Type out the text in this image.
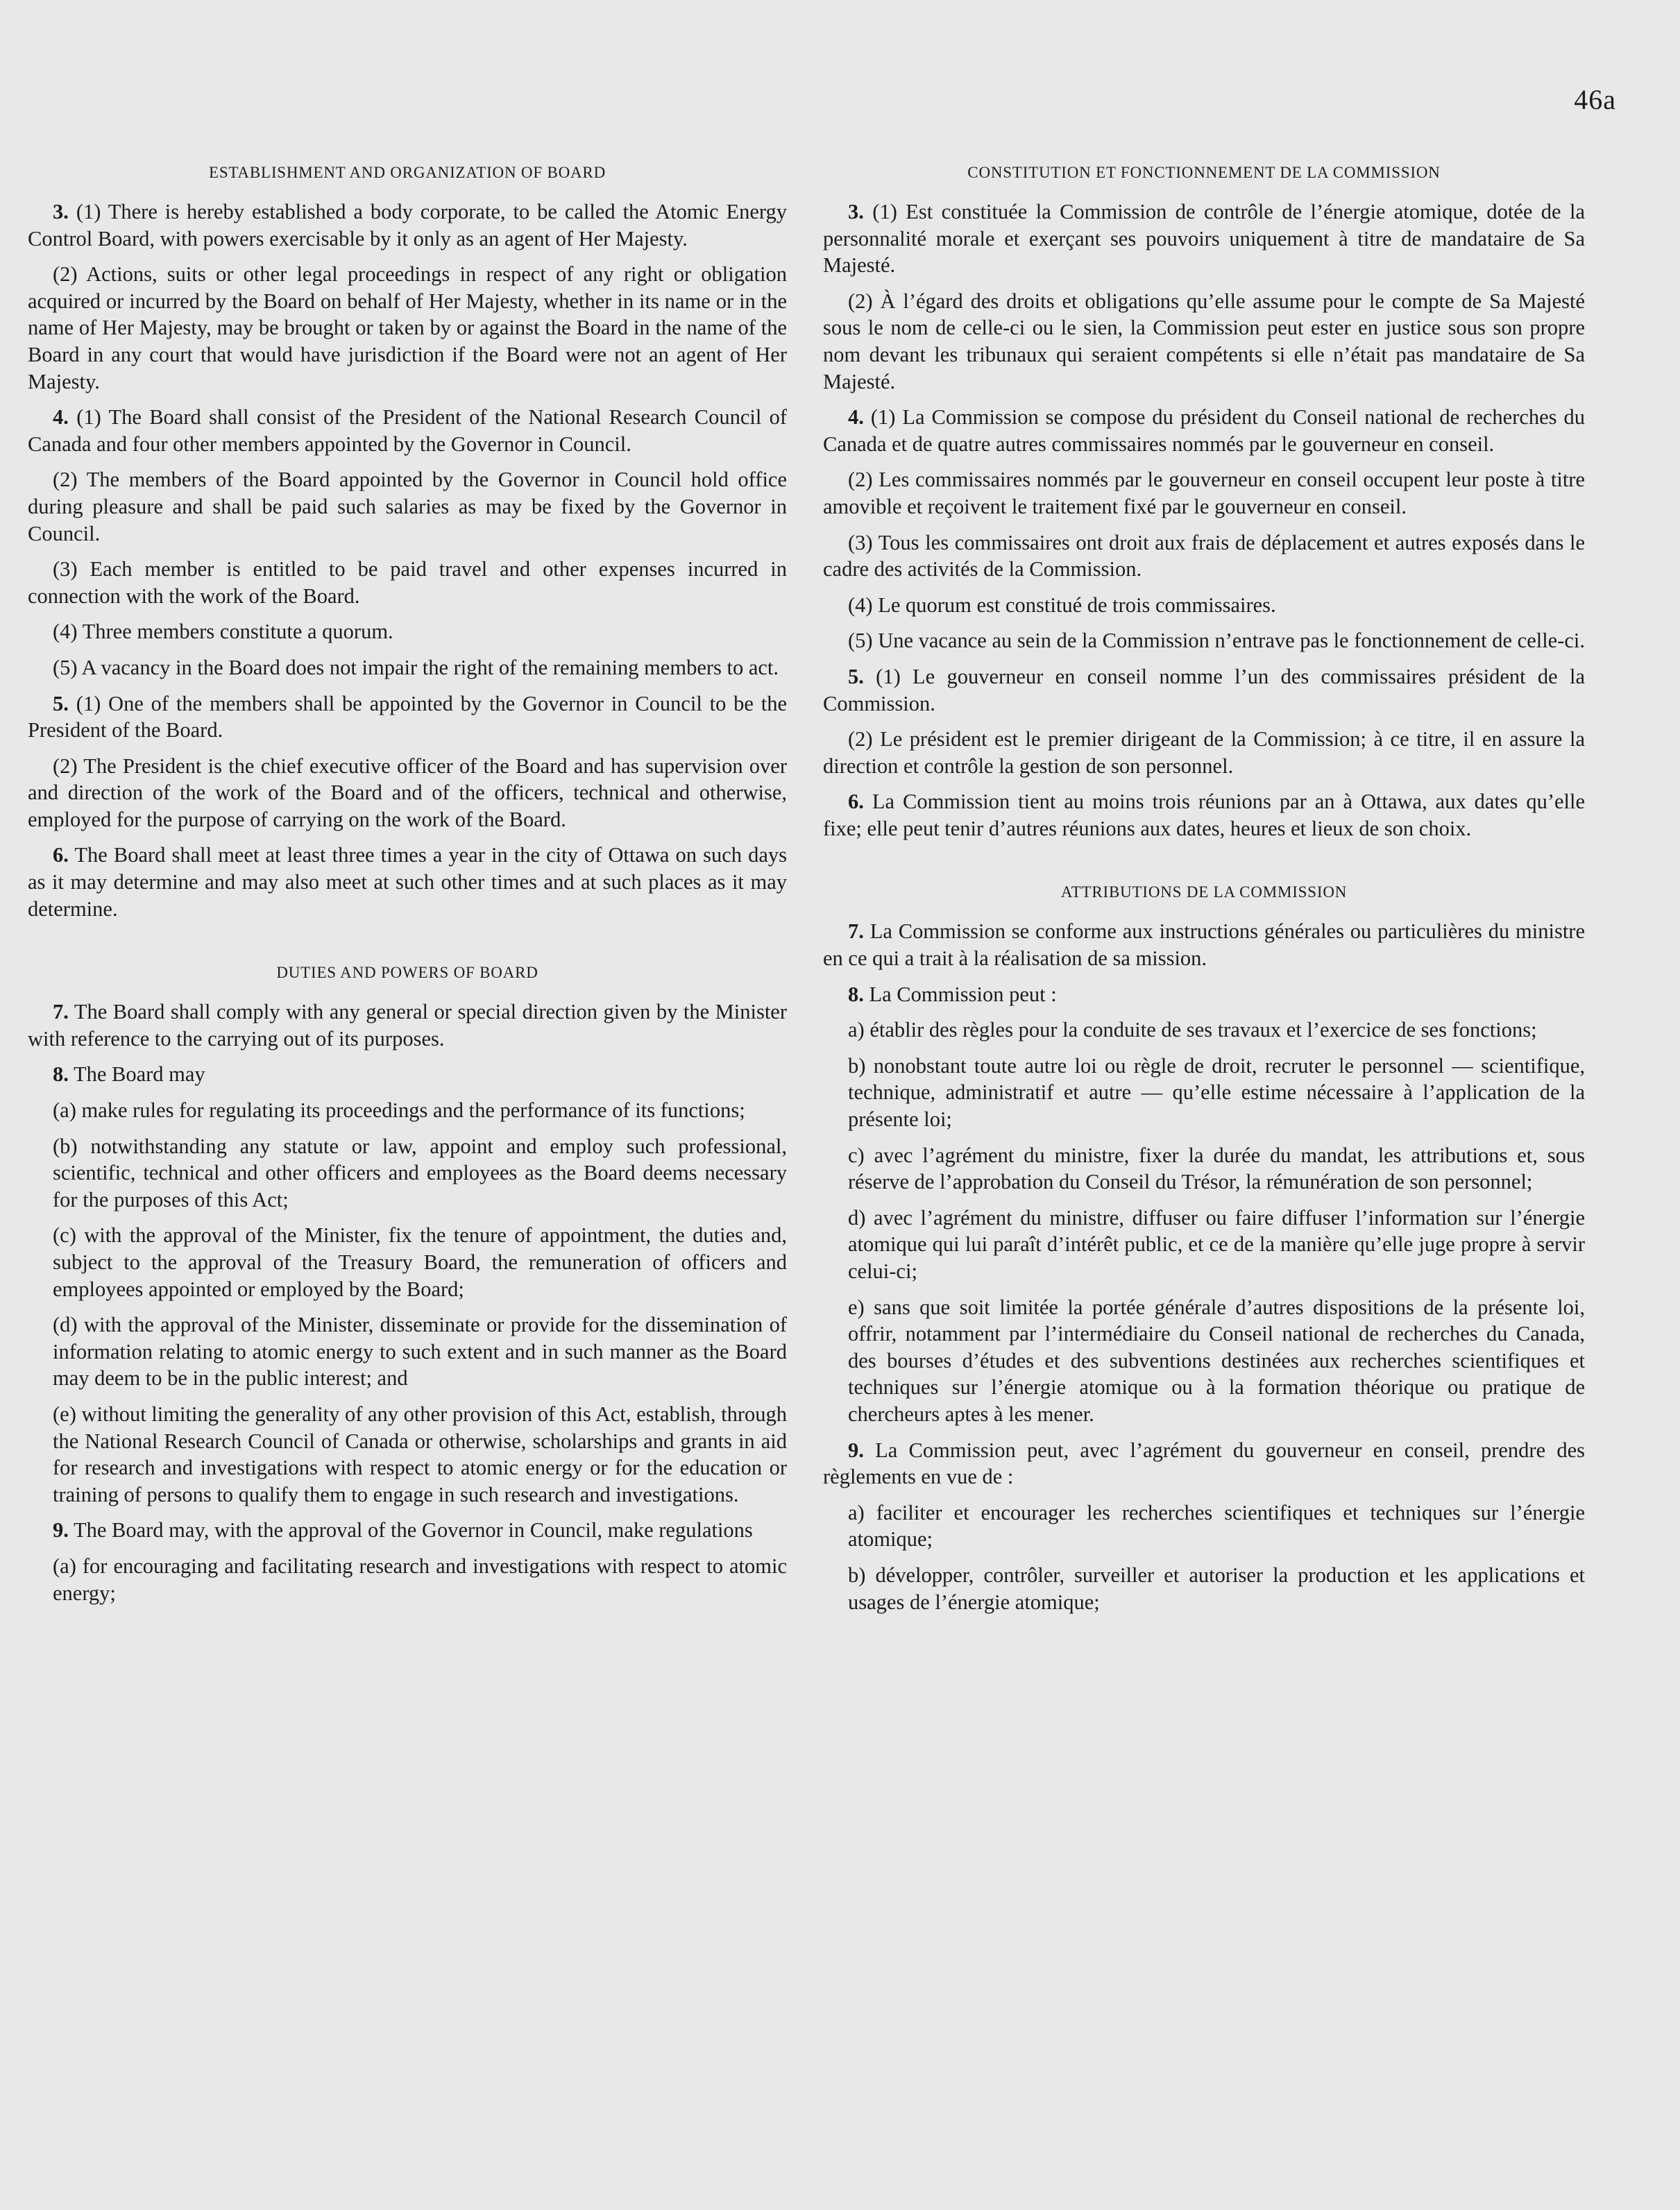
46a
ESTABLISHMENT AND ORGANIZATION OF BOARD

3. (1) There is hereby established a body corporate, to be called the Atomic Energy Control Board, with powers exercisable by it only as an agent of Her Majesty.

(2) Actions, suits or other legal proceedings in respect of any right or obligation acquired or incurred by the Board on behalf of Her Majesty, whether in its name or in the name of Her Majesty, may be brought or taken by or against the Board in the name of the Board in any court that would have jurisdiction if the Board were not an agent of Her Majesty.

4. (1) The Board shall consist of the President of the National Research Council of Canada and four other members appointed by the Governor in Council.

(2) The members of the Board appointed by the Governor in Council hold office during pleasure and shall be paid such salaries as may be fixed by the Governor in Council.

(3) Each member is entitled to be paid travel and other expenses incurred in connection with the work of the Board.

(4) Three members constitute a quorum.

(5) A vacancy in the Board does not impair the right of the remaining members to act.

5. (1) One of the members shall be appointed by the Governor in Council to be the President of the Board.

(2) The President is the chief executive officer of the Board and has supervision over and direction of the work of the Board and of the officers, technical and otherwise, employed for the purpose of carrying on the work of the Board.

6. The Board shall meet at least three times a year in the city of Ottawa on such days as it may determine and may also meet at such other times and at such places as it may determine.

DUTIES AND POWERS OF BOARD

7. The Board shall comply with any general or special direction given by the Minister with reference to the carrying out of its purposes.

8. The Board may

(a) make rules for regulating its proceedings and the performance of its functions;

(b) notwithstanding any statute or law, appoint and employ such professional, scientific, technical and other officers and employees as the Board deems necessary for the purposes of this Act;

(c) with the approval of the Minister, fix the tenure of appointment, the duties and, subject to the approval of the Treasury Board, the remuneration of officers and employees appointed or employed by the Board;

(d) with the approval of the Minister, disseminate or provide for the dissemination of information relating to atomic energy to such extent and in such manner as the Board may deem to be in the public interest; and

(e) without limiting the generality of any other provision of this Act, establish, through the National Research Council of Canada or otherwise, scholarships and grants in aid for research and investigations with respect to atomic energy or for the education or training of persons to qualify them to engage in such research and investigations.

9. The Board may, with the approval of the Governor in Council, make regulations

(a) for encouraging and facilitating research and investigations with respect to atomic energy;

CONSTITUTION ET FONCTIONNEMENT DE LA COMMISSION

3. (1) Est constituée la Commission de contrôle de l’énergie atomique, dotée de la personnalité morale et exerçant ses pouvoirs uniquement à titre de mandataire de Sa Majesté.

(2) À l’égard des droits et obligations qu’elle assume pour le compte de Sa Majesté sous le nom de celle-ci ou le sien, la Commission peut ester en justice sous son propre nom devant les tribunaux qui seraient compétents si elle n’était pas mandataire de Sa Majesté.

4. (1) La Commission se compose du président du Conseil national de recherches du Canada et de quatre autres commissaires nommés par le gouverneur en conseil.

(2) Les commissaires nommés par le gouverneur en conseil occupent leur poste à titre amovible et reçoivent le traitement fixé par le gouverneur en conseil.

(3) Tous les commissaires ont droit aux frais de déplacement et autres exposés dans le cadre des activités de la Commission.

(4) Le quorum est constitué de trois commissaires.

(5) Une vacance au sein de la Commission n’entrave pas le fonctionnement de celle-ci.

5. (1) Le gouverneur en conseil nomme l’un des commissaires président de la Commission.

(2) Le président est le premier dirigeant de la Commission; à ce titre, il en assure la direction et contrôle la gestion de son personnel.

6. La Commission tient au moins trois réunions par an à Ottawa, aux dates qu’elle fixe; elle peut tenir d’autres réunions aux dates, heures et lieux de son choix.

ATTRIBUTIONS DE LA COMMISSION

7. La Commission se conforme aux instructions générales ou particulières du ministre en ce qui a trait à la réalisation de sa mission.

8. La Commission peut :

a) établir des règles pour la conduite de ses travaux et l’exercice de ses fonctions;

b) nonobstant toute autre loi ou règle de droit, recruter le personnel — scientifique, technique, administratif et autre — qu’elle estime nécessaire à l’application de la présente loi;

c) avec l’agrément du ministre, fixer la durée du mandat, les attributions et, sous réserve de l’approbation du Conseil du Trésor, la rémunération de son personnel;

d) avec l’agrément du ministre, diffuser ou faire diffuser l’information sur l’énergie atomique qui lui paraît d’intérêt public, et ce de la manière qu’elle juge propre à servir celui-ci;

e) sans que soit limitée la portée générale d’autres dispositions de la présente loi, offrir, notamment par l’intermédiaire du Conseil national de recherches du Canada, des bourses d’études et des subventions destinées aux recherches scientifiques et techniques sur l’énergie atomique ou à la formation théorique ou pratique de chercheurs aptes à les mener.

9. La Commission peut, avec l’agrément du gouverneur en conseil, prendre des règlements en vue de :

a) faciliter et encourager les recherches scientifiques et techniques sur l’énergie atomique;

b) développer, contrôler, surveiller et autoriser la production et les applications et usages de l’énergie atomique;
